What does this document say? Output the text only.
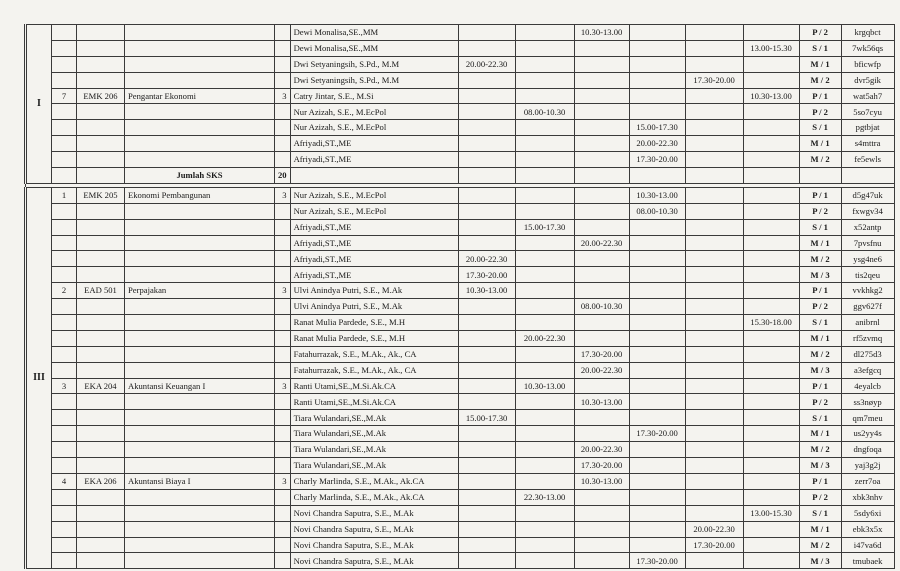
I					Dewi Monalisa,SE.,MM			10.30-13.00				P / 2	krgqbct
					Dewi Monalisa,SE.,MM						13.00-15.30	S / 1	7wk56qs
					Dwi Setyaningsih, S.Pd., M.M	20.00-22.30						M / 1	bficwfp
					Dwi Setyaningsih, S.Pd., M.M					17.30-20.00		M / 2	dvr5gik
	7	EMK 206	Pengantar Ekonomi	3	Catry Jintar, S.E., M.Si						10.30-13.00	P / 1	wat5ah7
					Nur Azizah, S.E., M.EcPol		08.00-10.30					P / 2	5so7cyu
					Nur Azizah, S.E., M.EcPol				15.00-17.30			S / 1	pgtbjat
					Afriyadi,ST.,ME				20.00-22.30			M / 1	s4mttra
					Afriyadi,ST.,ME				17.30-20.00			M / 2	fe5ewls
			Jumlah SKS	20									

III	1	EMK 205	Ekonomi Pembangunan	3	Nur Azizah, S.E., M.EcPol				10.30-13.00			P / 1	d5g47uk
					Nur Azizah, S.E., M.EcPol				08.00-10.30			P / 2	fxwgv34
					Afriyadi,ST.,ME		15.00-17.30					S / 1	x52antp
					Afriyadi,ST.,ME			20.00-22.30				M / 1	7pvsfnu
					Afriyadi,ST.,ME	20.00-22.30						M / 2	ysg4ne6
					Afriyadi,ST.,ME	17.30-20.00						M / 3	tis2qeu
	2	EAD 501	Perpajakan	3	Ulvi Anindya Putri, S.E., M.Ak	10.30-13.00						P / 1	vvkhkg2
					Ulvi Anindya Putri, S.E., M.Ak			08.00-10.30				P / 2	ggv627f
					Ranat Mulia Pardede, S.E., M.H						15.30-18.00	S / 1	anibrnl
					Ranat Mulia Pardede, S.E., M.H		20.00-22.30					M / 1	rf5zvmq
					Fatahurrazak, S.E., M.Ak., Ak., CA			17.30-20.00				M / 2	dl275d3
					Fatahurrazak, S.E., M.Ak., Ak., CA			20.00-22.30				M / 3	a3efgcq
	3	EKA 204	Akuntansi Keuangan I	3	Ranti Utami,SE.,M.Si.Ak.CA		10.30-13.00					P / 1	4eyalcb
					Ranti Utami,SE.,M.Si.Ak.CA			10.30-13.00				P / 2	ss3nøyp
					Tiara Wulandari,SE.,M.Ak	15.00-17.30						S / 1	qm7meu
					Tiara Wulandari,SE.,M.Ak				17.30-20.00			M / 1	us2yy4s
					Tiara Wulandari,SE.,M.Ak			20.00-22.30				M / 2	dngfoqa
					Tiara Wulandari,SE.,M.Ak			17.30-20.00				M / 3	yaj3g2j
	4	EKA 206	Akuntansi Biaya I	3	Charly Marlinda, S.E., M.Ak., Ak.CA			10.30-13.00				P / 1	zerr7oa
					Charly Marlinda, S.E., M.Ak., Ak.CA		22.30-13.00					P / 2	xbk3nhv
					Novi Chandra Saputra, S.E., M.Ak						13.00-15.30	S / 1	5sdy6xi
					Novi Chandra Saputra, S.E., M.Ak					20.00-22.30		M / 1	ebk3x5x
					Novi Chandra Saputra, S.E., M.Ak					17.30-20.00		M / 2	i47va6d
					Novi Chandra Saputra, S.E., M.Ak				17.30-20.00			M / 3	tmubaek
